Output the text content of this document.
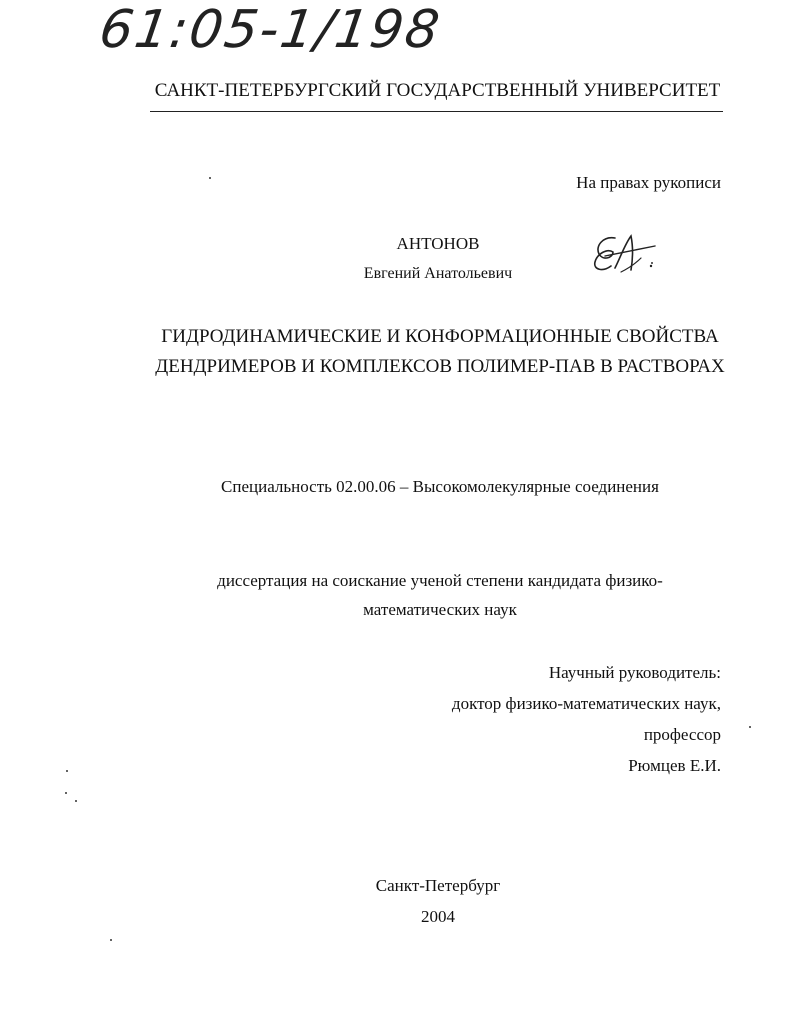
61:05-1/198
САНКТ-ПЕТЕРБУРГСКИЙ ГОСУДАРСТВЕННЫЙ УНИВЕРСИТЕТ
На правах рукописи
АНТОНОВ
Евгений Анатольевич
ГИДРОДИНАМИЧЕСКИЕ И КОНФОРМАЦИОННЫЕ СВОЙСТВА
ДЕНДРИМЕРОВ И КОМПЛЕКСОВ ПОЛИМЕР-ПАВ В РАСТВОРАХ
Специальность 02.00.06 – Высокомолекулярные соединения
диссертация на соискание ученой степени кандидата физико-
математических наук
Научный руководитель:
доктор физико-математических наук,
профессор
Рюмцев Е.И.
Санкт-Петербург
2004
